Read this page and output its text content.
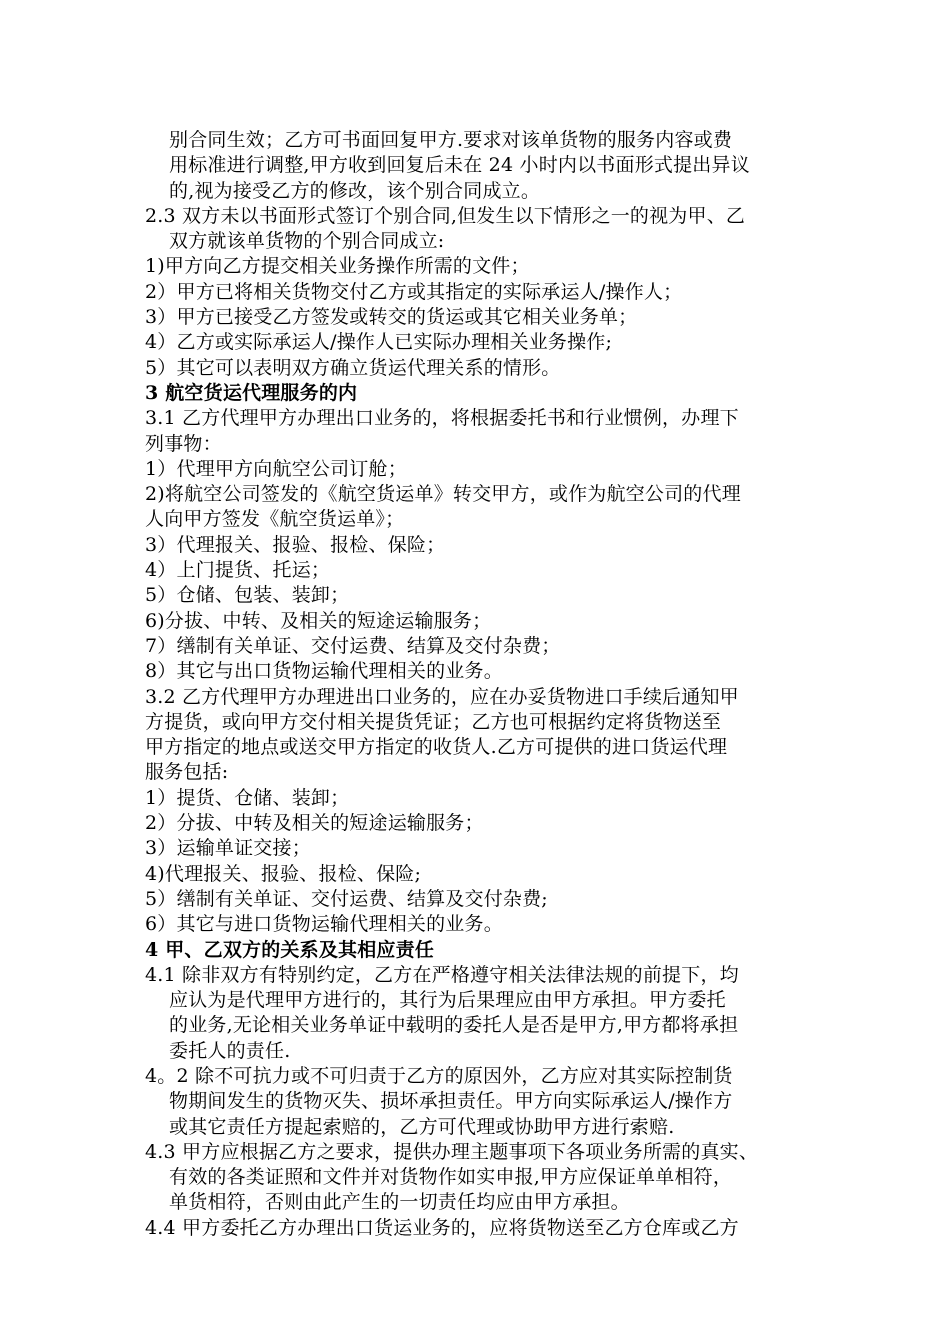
别合同生效；乙方可书面回复甲方.要求对该单货物的服务内容或费
用标准进行调整,甲方收到回复后未在 24 小时内以书面形式提出异议
的,视为接受乙方的修改，该个别合同成立。
2.3 双方未以书面形式签订个别合同,但发生以下情形之一的视为甲、乙
双方就该单货物的个别合同成立:
1)甲方向乙方提交相关业务操作所需的文件；
2）甲方已将相关货物交付乙方或其指定的实际承运人/操作人；
3）甲方已接受乙方签发或转交的货运或其它相关业务单；
4）乙方或实际承运人/操作人已实际办理相关业务操作;
5）其它可以表明双方确立货运代理关系的情形。
3 航空货运代理服务的内
3.1 乙方代理甲方办理出口业务的，将根据委托书和行业惯例，办理下
列事物：
1）代理甲方向航空公司订舱；
2)将航空公司签发的《航空货运单》转交甲方，或作为航空公司的代理
人向甲方签发《航空货运单》；
3）代理报关、报验、报检、保险；
4）上门提货、托运；
5）仓储、包装、装卸；
6)分拔、中转、及相关的短途运输服务；
7）缮制有关单证、交付运费、结算及交付杂费；
8）其它与出口货物运输代理相关的业务。
3.2 乙方代理甲方办理进出口业务的，应在办妥货物进口手续后通知甲
方提货，或向甲方交付相关提货凭证；乙方也可根据约定将货物送至
甲方指定的地点或送交甲方指定的收货人.乙方可提供的进口货运代理
服务包括:
1）提货、仓储、装卸；
2）分拔、中转及相关的短途运输服务；
3）运输单证交接；
4)代理报关、报验、报检、保险;
5）缮制有关单证、交付运费、结算及交付杂费;
6）其它与进口货物运输代理相关的业务。
4 甲、乙双方的关系及其相应责任
4.1 除非双方有特别约定，乙方在严格遵守相关法律法规的前提下，均
应认为是代理甲方进行的，其行为后果理应由甲方承担。甲方委托
的业务,无论相关业务单证中载明的委托人是否是甲方,甲方都将承担
委托人的责任.
4。2 除不可抗力或不可归责于乙方的原因外，乙方应对其实际控制货
物期间发生的货物灭失、损坏承担责任。甲方向实际承运人/操作方
或其它责任方提起索赔的，乙方可代理或协助甲方进行索赔.
4.3 甲方应根据乙方之要求，提供办理主题事项下各项业务所需的真实、
有效的各类证照和文件并对货物作如实申报,甲方应保证单单相符，
单货相符，否则由此产生的一切责任均应由甲方承担。
4.4 甲方委托乙方办理出口货运业务的，应将货物送至乙方仓库或乙方
